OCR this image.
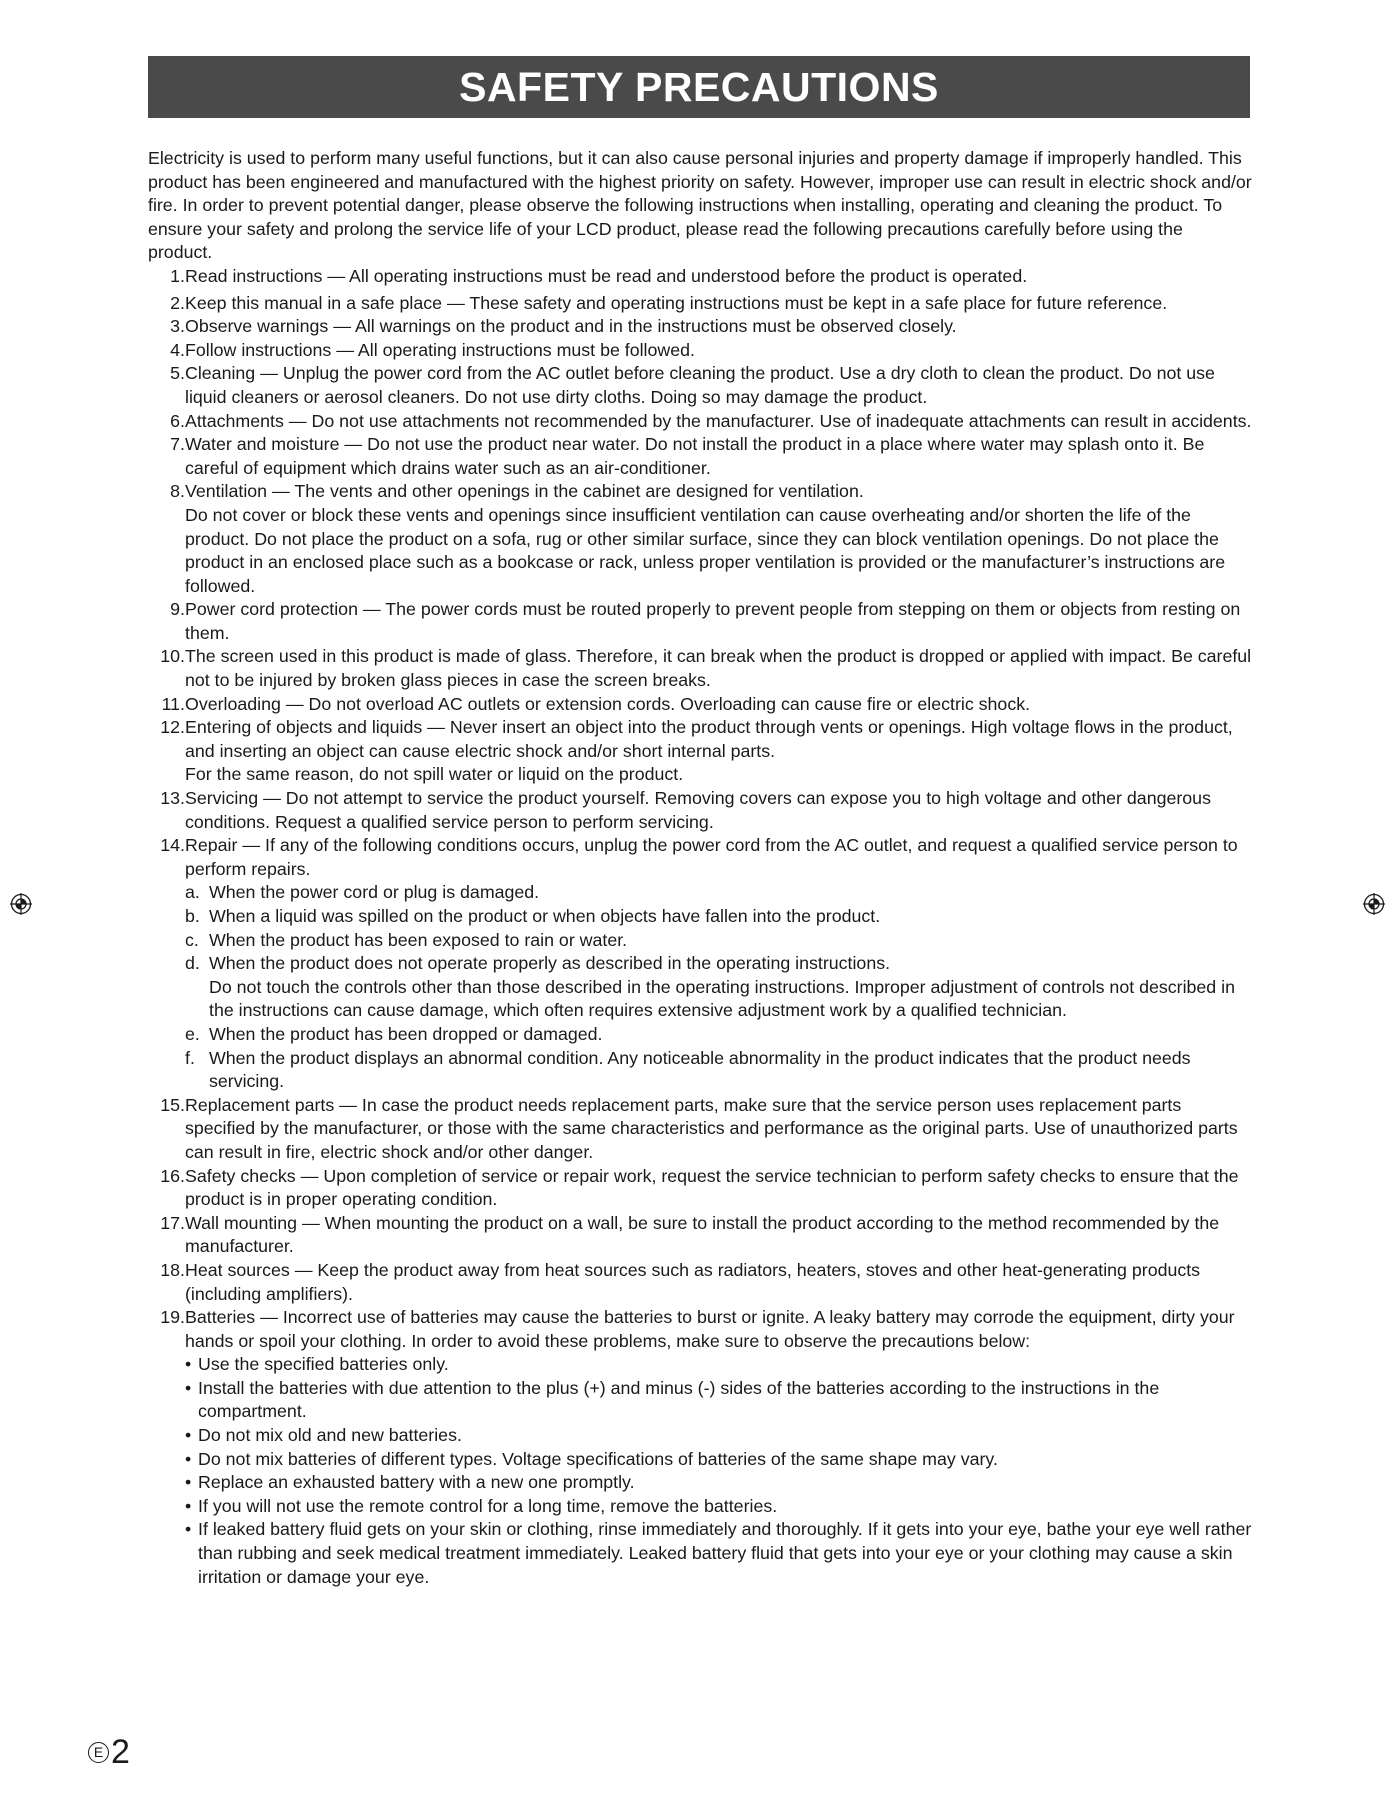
SAFETY PRECAUTIONS

Electricity is used to perform many useful functions, but it can also cause personal injuries and property damage if improperly handled. This product has been engineered and manufactured with the highest priority on safety. However, improper use can result in electric shock and/or fire. In order to prevent potential danger, please observe the following instructions when installing, operating and cleaning the product. To ensure your safety and prolong the service life of your LCD product, please read the following precautions carefully before using the product.

1. Read instructions — All operating instructions must be read and understood before the product is operated.
2. Keep this manual in a safe place — These safety and operating instructions must be kept in a safe place for future reference.
3. Observe warnings — All warnings on the product and in the instructions must be observed closely.
4. Follow instructions — All operating instructions must be followed.
5. Cleaning — Unplug the power cord from the AC outlet before cleaning the product. Use a dry cloth to clean the product. Do not use liquid cleaners or aerosol cleaners. Do not use dirty cloths. Doing so may damage the product.
6. Attachments — Do not use attachments not recommended by the manufacturer. Use of inadequate attachments can result in accidents.
7. Water and moisture — Do not use the product near water. Do not install the product in a place where water may splash onto it. Be careful of equipment which drains water such as an air-conditioner.
8. Ventilation — The vents and other openings in the cabinet are designed for ventilation.
Do not cover or block these vents and openings since insufficient ventilation can cause overheating and/or shorten the life of the product. Do not place the product on a sofa, rug or other similar surface, since they can block ventilation openings. Do not place the product in an enclosed place such as a bookcase or rack, unless proper ventilation is provided or the manufacturer’s instructions are followed.
9. Power cord protection — The power cords must be routed properly to prevent people from stepping on them or objects from resting on them.
10. The screen used in this product is made of glass. Therefore, it can break when the product is dropped or applied with impact. Be careful not to be injured by broken glass pieces in case the screen breaks.
11. Overloading — Do not overload AC outlets or extension cords. Overloading can cause fire or electric shock.
12. Entering of objects and liquids — Never insert an object into the product through vents or openings. High voltage flows in the product, and inserting an object can cause electric shock and/or short internal parts.
For the same reason, do not spill water or liquid on the product.
13. Servicing — Do not attempt to service the product yourself. Removing covers can expose you to high voltage and other dangerous conditions. Request a qualified service person to perform servicing.
14. Repair — If any of the following conditions occurs, unplug the power cord from the AC outlet, and request a qualified service person to perform repairs.
a. When the power cord or plug is damaged.
b. When a liquid was spilled on the product or when objects have fallen into the product.
c. When the product has been exposed to rain or water.
d. When the product does not operate properly as described in the operating instructions.
Do not touch the controls other than those described in the operating instructions. Improper adjustment of controls not described in the instructions can cause damage, which often requires extensive adjustment work by a qualified technician.
e. When the product has been dropped or damaged.
f. When the product displays an abnormal condition. Any noticeable abnormality in the product indicates that the product needs servicing.
15. Replacement parts — In case the product needs replacement parts, make sure that the service person uses replacement parts specified by the manufacturer, or those with the same characteristics and performance as the original parts. Use of unauthorized parts can result in fire, electric shock and/or other danger.
16. Safety checks — Upon completion of service or repair work, request the service technician to perform safety checks to ensure that the product is in proper operating condition.
17. Wall mounting — When mounting the product on a wall, be sure to install the product according to the method recommended by the manufacturer.
18. Heat sources — Keep the product away from heat sources such as radiators, heaters, stoves and other heat-generating products (including amplifiers).
19. Batteries — Incorrect use of batteries may cause the batteries to burst or ignite. A leaky battery may corrode the equipment, dirty your hands or spoil your clothing. In order to avoid these problems, make sure to observe the precautions below:
• Use the specified batteries only.
• Install the batteries with due attention to the plus (+) and minus (-) sides of the batteries according to the instructions in the compartment.
• Do not mix old and new batteries.
• Do not mix batteries of different types. Voltage specifications of batteries of the same shape may vary.
• Replace an exhausted battery with a new one promptly.
• If you will not use the remote control for a long time, remove the batteries.
• If leaked battery fluid gets on your skin or clothing, rinse immediately and thoroughly. If it gets into your eye, bathe your eye well rather than rubbing and seek medical treatment immediately. Leaked battery fluid that gets into your eye or your clothing may cause a skin irritation or damage your eye.
E 2
